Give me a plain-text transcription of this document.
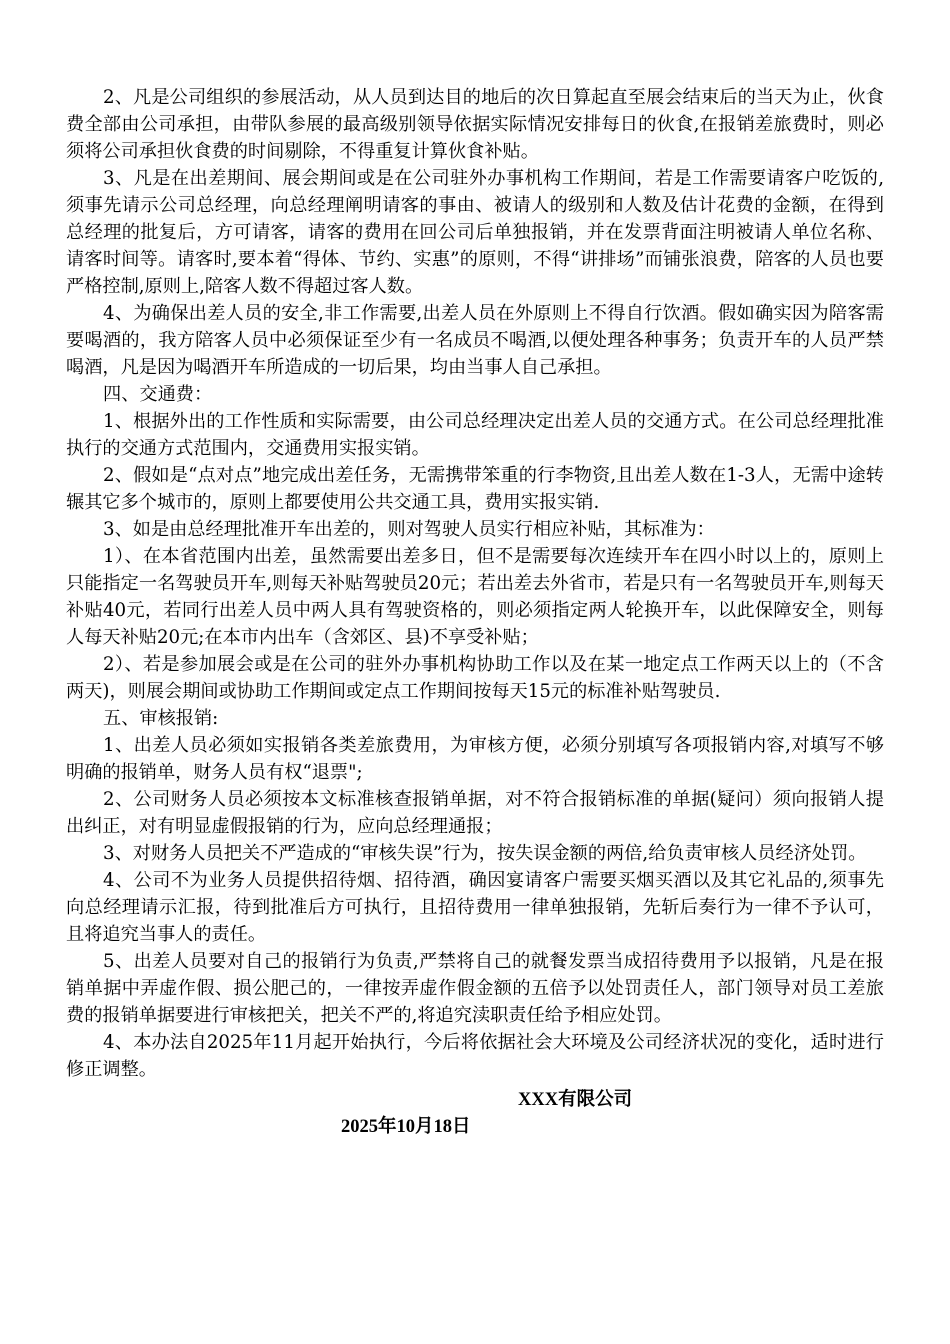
2、凡是公司组织的参展活动，从人员到达目的地后的次日算起直至展会结束后的当天为止，伙食费全部由公司承担，由带队参展的最高级别领导依据实际情况安排每日的伙食,在报销差旅费时，则必须将公司承担伙食费的时间剔除，不得重复计算伙食补贴。

3、凡是在出差期间、展会期间或是在公司驻外办事机构工作期间，若是工作需要请客户吃饭的,须事先请示公司总经理，向总经理阐明请客的事由、被请人的级别和人数及估计花费的金额，在得到总经理的批复后，方可请客，请客的费用在回公司后单独报销，并在发票背面注明被请人单位名称、请客时间等。请客时,要本着“得体、节约、实惠”的原则，不得“讲排场”而铺张浪费，陪客的人员也要严格控制,原则上,陪客人数不得超过客人数。

4、为确保出差人员的安全,非工作需要,出差人员在外原则上不得自行饮酒。假如确实因为陪客需要喝酒的，我方陪客人员中必须保证至少有一名成员不喝酒,以便处理各种事务；负责开车的人员严禁喝酒，凡是因为喝酒开车所造成的一切后果，均由当事人自己承担。

四、交通费：

1、根据外出的工作性质和实际需要，由公司总经理决定出差人员的交通方式。在公司总经理批准执行的交通方式范围内，交通费用实报实销。

2、假如是“点对点”地完成出差任务，无需携带笨重的行李物资,且出差人数在1-3人，无需中途转辗其它多个城市的，原则上都要使用公共交通工具，费用实报实销.

3、如是由总经理批准开车出差的，则对驾驶人员实行相应补贴，其标准为：

1）、在本省范围内出差，虽然需要出差多日，但不是需要每次连续开车在四小时以上的，原则上只能指定一名驾驶员开车,则每天补贴驾驶员20元；若出差去外省市，若是只有一名驾驶员开车,则每天补贴40元，若同行出差人员中两人具有驾驶资格的，则必须指定两人轮换开车，以此保障安全，则每人每天补贴20元;在本市内出车（含郊区、县)不享受补贴；

2）、若是参加展会或是在公司的驻外办事机构协助工作以及在某一地定点工作两天以上的（不含两天)，则展会期间或协助工作期间或定点工作期间按每天15元的标准补贴驾驶员.

五、审核报销:

1、出差人员必须如实报销各类差旅费用，为审核方便，必须分别填写各项报销内容,对填写不够明确的报销单，财务人员有权“退票";

2、公司财务人员必须按本文标准核查报销单据，对不符合报销标准的单据(疑问）须向报销人提出纠正，对有明显虚假报销的行为，应向总经理通报；

3、对财务人员把关不严造成的“审核失误”行为，按失误金额的两倍,给负责审核人员经济处罚。

4、公司不为业务人员提供招待烟、招待酒，确因宴请客户需要买烟买酒以及其它礼品的,须事先向总经理请示汇报，待到批准后方可执行，且招待费用一律单独报销，先斩后奏行为一律不予认可，且将追究当事人的责任。

5、出差人员要对自己的报销行为负责,严禁将自己的就餐发票当成招待费用予以报销，凡是在报销单据中弄虚作假、损公肥己的，一律按弄虚作假金额的五倍予以处罚责任人，部门领导对员工差旅费的报销单据要进行审核把关，把关不严的,将追究渎职责任给予相应处罚。

4、本办法自2025年11月起开始执行，今后将依据社会大环境及公司经济状况的变化，适时进行修正调整。

XXX有限公司

2025年10月18日
